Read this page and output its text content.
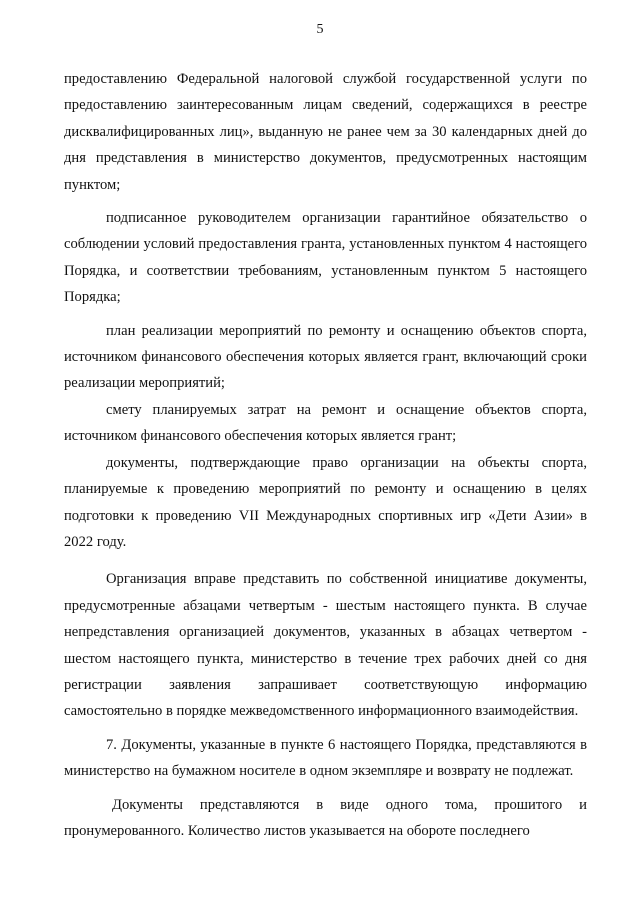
5

предоставлению Федеральной налоговой службой государственной услуги по предоставлению заинтересованным лицам сведений, содержащихся в реестре дисквалифицированных лиц», выданную не ранее чем за 30 календарных дней до дня представления в министерство документов, предусмотренных настоящим пунктом;

подписанное руководителем организации гарантийное обязательство о соблюдении условий предоставления гранта, установленных пунктом 4 настоящего Порядка, и соответствии требованиям, установленным пунктом 5 настоящего Порядка;

план реализации мероприятий по ремонту и оснащению объектов спорта, источником финансового обеспечения которых является грант, включающий сроки реализации мероприятий;

смету планируемых затрат на ремонт и оснащение объектов спорта, источником финансового обеспечения которых является грант;

документы, подтверждающие право организации на объекты спорта, планируемые к проведению мероприятий по ремонту и оснащению в целях подготовки к проведению VII Международных спортивных игр «Дети Азии» в 2022 году.

Организация вправе представить по собственной инициативе документы, предусмотренные абзацами четвертым - шестым настоящего пункта. В случае непредставления организацией документов, указанных в абзацах четвертом - шестом настоящего пункта, министерство в течение трех рабочих дней со дня регистрации заявления запрашивает соответствующую информацию самостоятельно в порядке межведомственного информационного взаимодействия.

7. Документы, указанные в пункте 6 настоящего Порядка, представляются в министерство на бумажном носителе в одном экземпляре и возврату не подлежат.

Документы представляются в виде одного тома, прошитого и пронумерованного. Количество листов указывается на обороте последнего
